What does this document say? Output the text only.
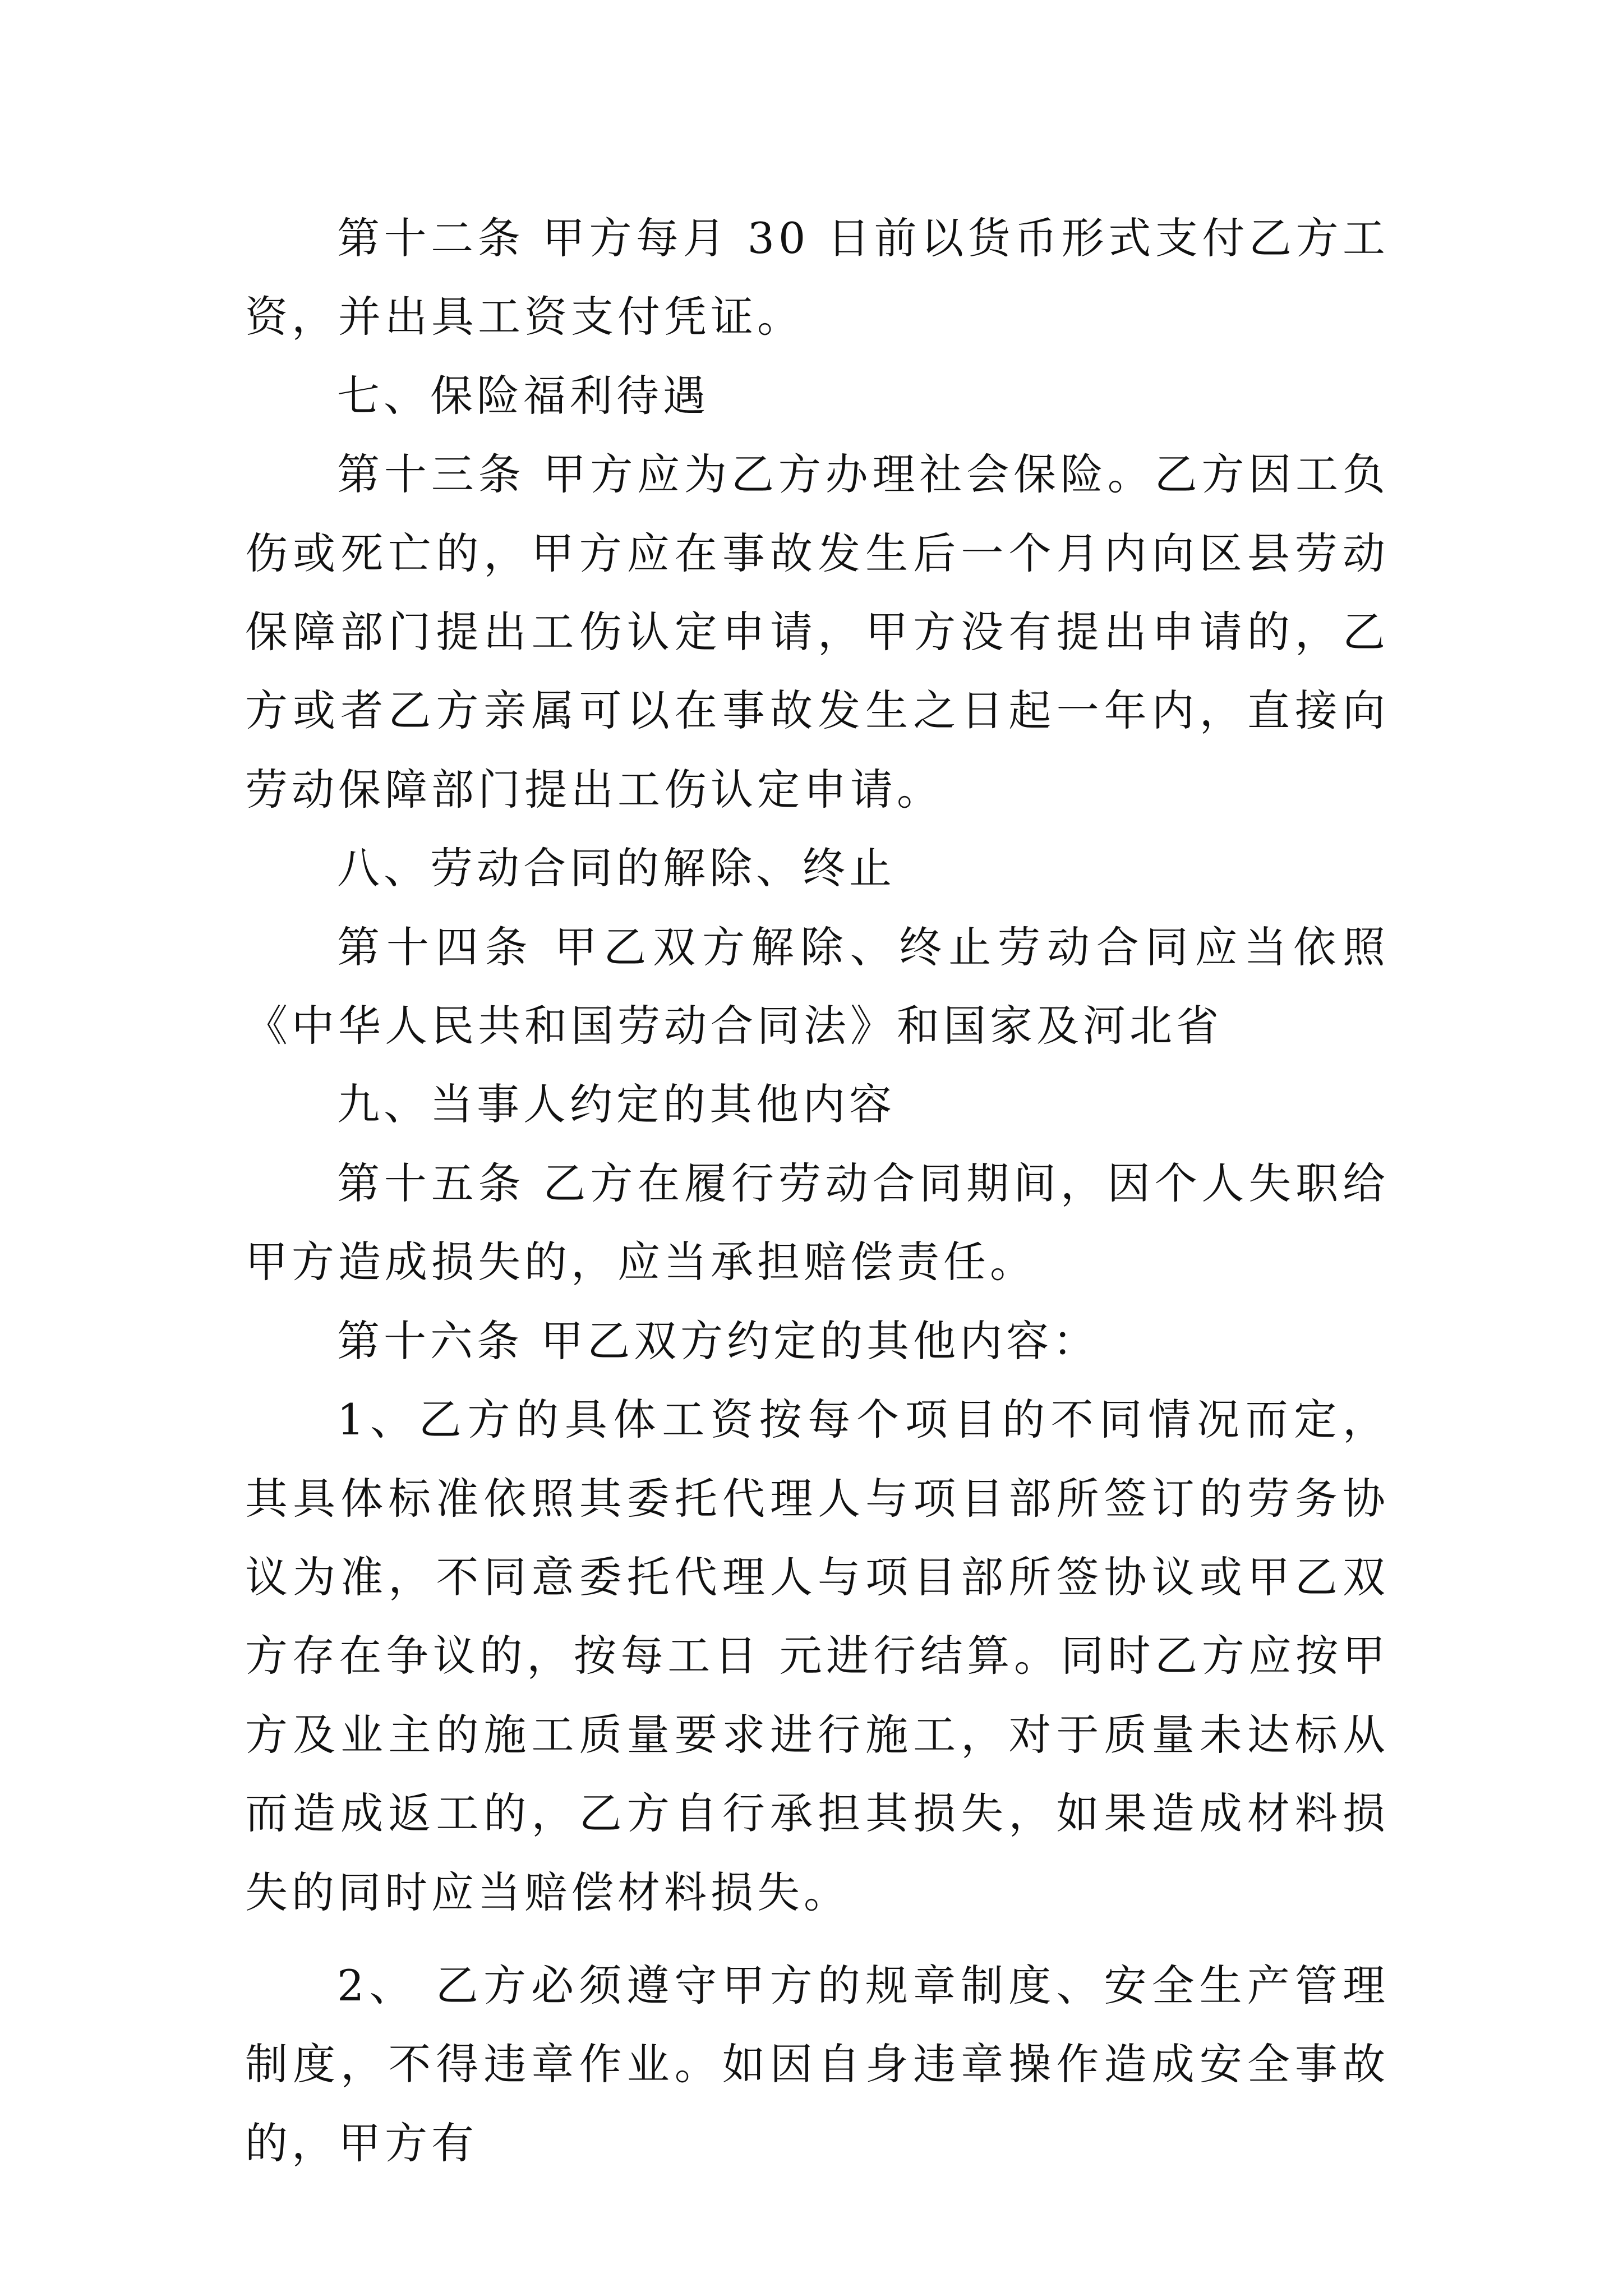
第十二条 甲方每月 30 日前以货币形式支付乙方工资，并出具工资支付凭证。

七、保险福利待遇

第十三条 甲方应为乙方办理社会保险。乙方因工负伤或死亡的，甲方应在事故发生后一个月内向区县劳动保障部门提出工伤认定申请，甲方没有提出申请的，乙方或者乙方亲属可以在事故发生之日起一年内，直接向劳动保障部门提出工伤认定申请。

八、劳动合同的解除、终止

第十四条 甲乙双方解除、终止劳动合同应当依照《中华人民共和国劳动合同法》和国家及河北省

九、当事人约定的其他内容

第十五条 乙方在履行劳动合同期间，因个人失职给甲方造成损失的，应当承担赔偿责任。

第十六条 甲乙双方约定的其他内容：

1、乙方的具体工资按每个项目的不同情况而定，其具体标准依照其委托代理人与项目部所签订的劳务协议为准，不同意委托代理人与项目部所签协议或甲乙双方存在争议的，按每工日 元进行结算。同时乙方应按甲方及业主的施工质量要求进行施工，对于质量未达标从而造成返工的，乙方自行承担其损失，如果造成材料损失的同时应当赔偿材料损失。

2、 乙方必须遵守甲方的规章制度、安全生产管理制度，不得违章作业。如因自身违章操作造成安全事故的，甲方有
